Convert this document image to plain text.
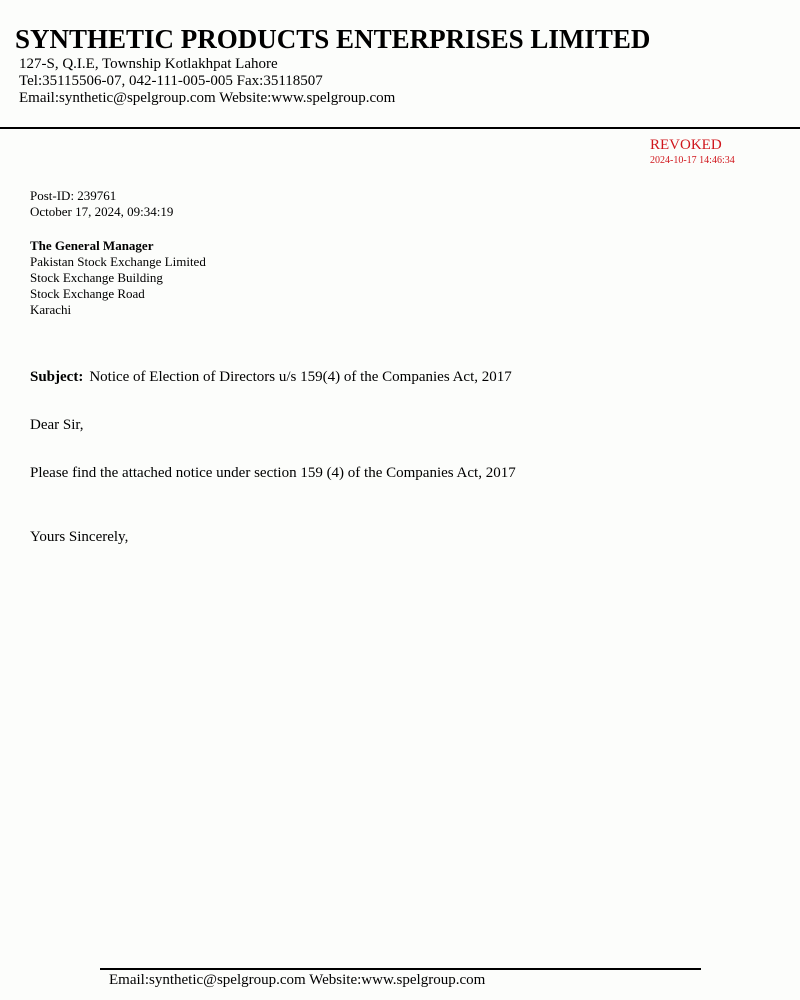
SYNTHETIC PRODUCTS ENTERPRISES LIMITED
127-S, Q.I.E, Township Kotlakhpat Lahore
Tel:35115506-07, 042-111-005-005 Fax:35118507
Email:synthetic@spelgroup.com Website:www.spelgroup.com
REVOKED
2024-10-17 14:46:34
Post-ID: 239761
October 17, 2024, 09:34:19
The General Manager
Pakistan Stock Exchange Limited
Stock Exchange Building
Stock Exchange Road
Karachi
Subject: Notice of Election of Directors u/s 159(4) of the Companies Act, 2017
Dear Sir,
Please find the attached notice under section 159 (4) of the Companies Act, 2017
Yours Sincerely,
Email:synthetic@spelgroup.com Website:www.spelgroup.com
